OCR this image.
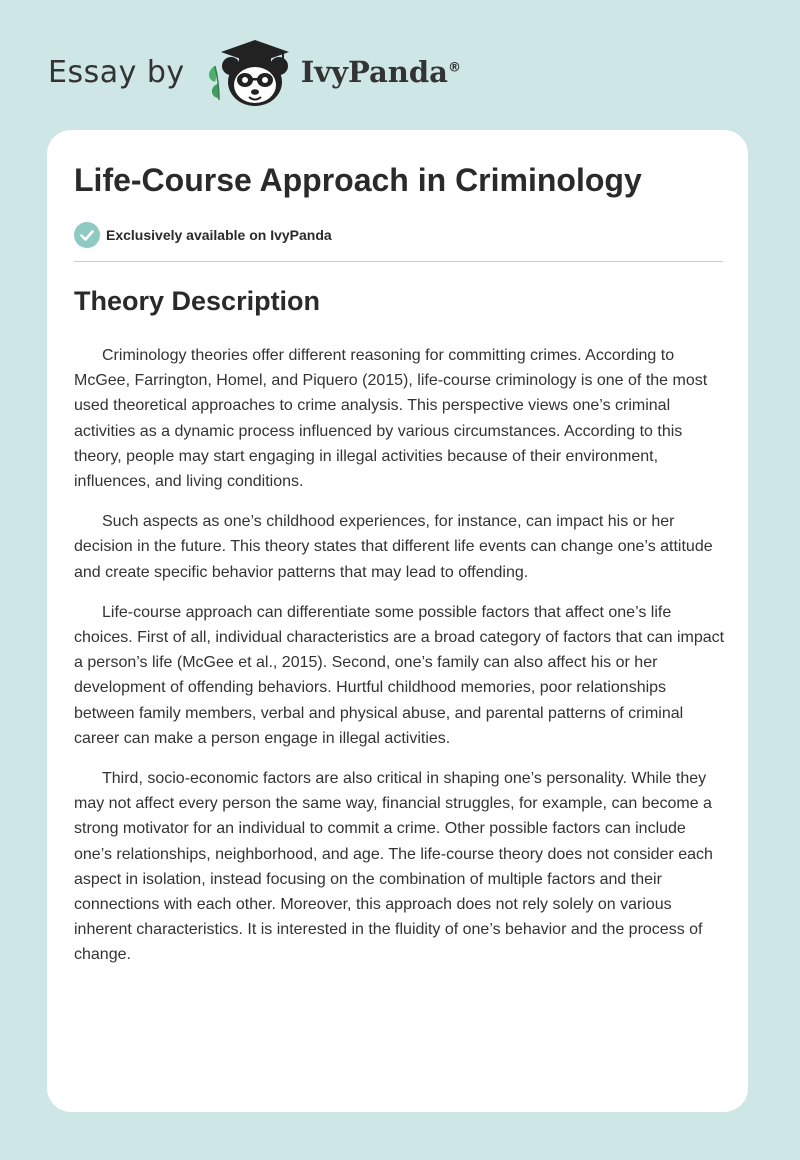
Essay by	IvyPanda®
Life-Course Approach in Criminology
Exclusively available on IvyPanda
Theory Description

Criminology theories offer different reasoning for committing crimes. According to McGee, Farrington, Homel, and Piquero (2015), life-course criminology is one of the most used theoretical approaches to crime analysis. This perspective views one’s criminal activities as a dynamic process influenced by various circumstances. According to this theory, people may start engaging in illegal activities because of their environment, influences, and living conditions.

Such aspects as one’s childhood experiences, for instance, can impact his or her decision in the future. This theory states that different life events can change one’s attitude and create specific behavior patterns that may lead to offending.

Life-course approach can differentiate some possible factors that affect one’s life choices. First of all, individual characteristics are a broad category of factors that can impact a person’s life (McGee et al., 2015). Second, one’s family can also affect his or her development of offending behaviors. Hurtful childhood memories, poor relationships between family members, verbal and physical abuse, and parental patterns of criminal career can make a person engage in illegal activities.

Third, socio-economic factors are also critical in shaping one’s personality. While they may not affect every person the same way, financial struggles, for example, can become a strong motivator for an individual to commit a crime. Other possible factors can include one’s relationships, neighborhood, and age. The life-course theory does not consider each aspect in isolation, instead focusing on the combination of multiple factors and their connections with each other. Moreover, this approach does not rely solely on various inherent characteristics. It is interested in the fluidity of one’s behavior and the process of change.
